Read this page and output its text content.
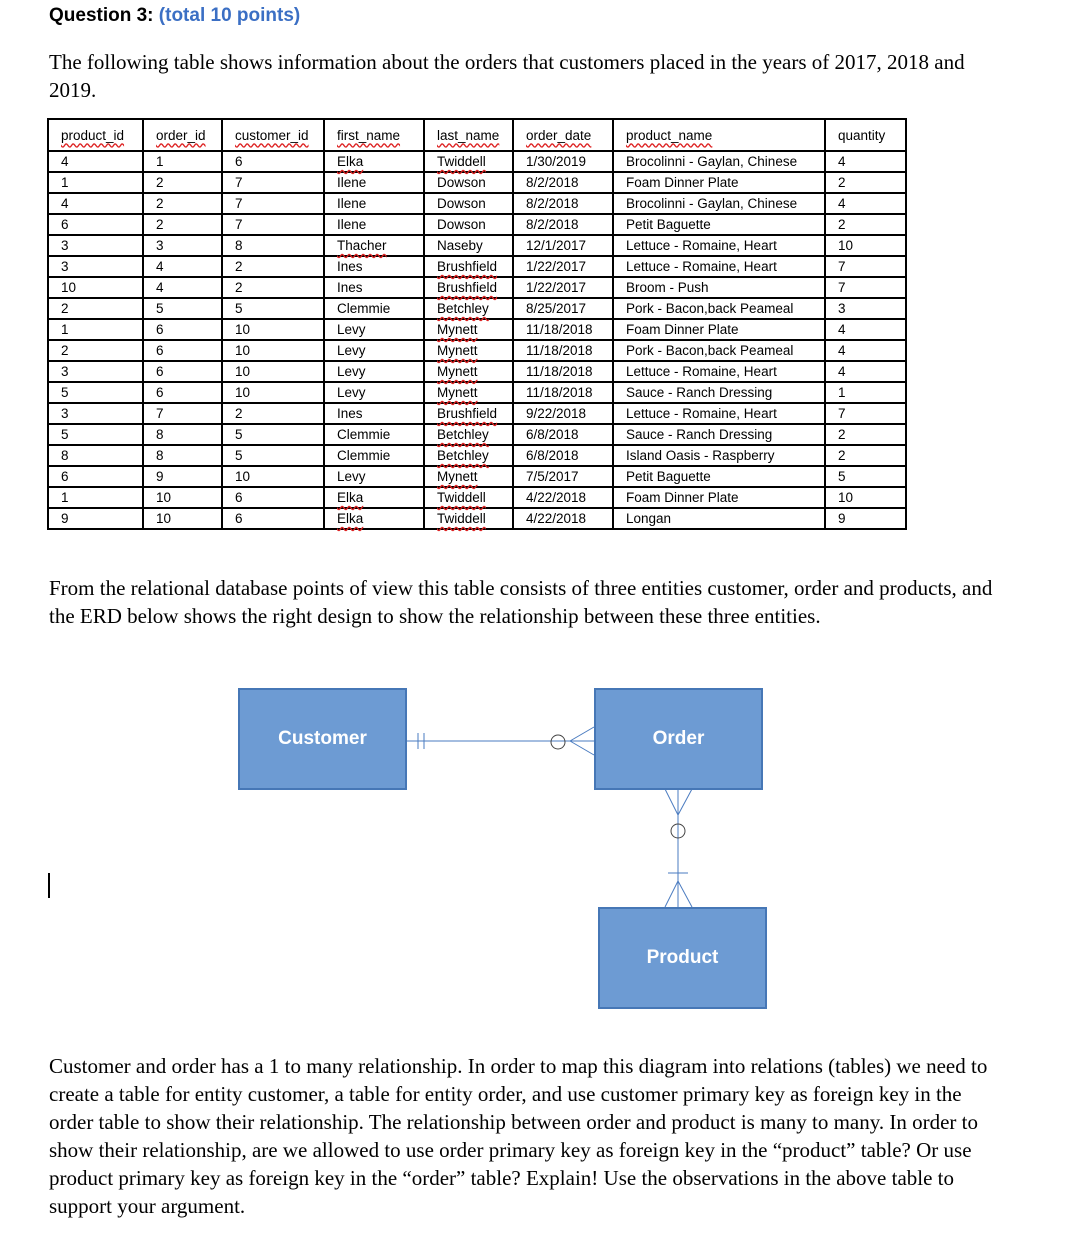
Question 3: (total 10 points)
The following table shows information about the orders that customers placed in the years of 2017, 2018 and 2019.
product_id	order_id	customer_id	first_name	last_name	order_date	product_name	quantity
4	1	6	Elka	Twiddell	1/30/2019	Brocolinni - Gaylan, Chinese	4
1	2	7	Ilene	Dowson	8/2/2018	Foam Dinner Plate	2
4	2	7	Ilene	Dowson	8/2/2018	Brocolinni - Gaylan, Chinese	4
6	2	7	Ilene	Dowson	8/2/2018	Petit Baguette	2
3	3	8	Thacher	Naseby	12/1/2017	Lettuce - Romaine, Heart	10
3	4	2	Ines	Brushfield	1/22/2017	Lettuce - Romaine, Heart	7
10	4	2	Ines	Brushfield	1/22/2017	Broom - Push	7
2	5	5	Clemmie	Betchley	8/25/2017	Pork - Bacon,back Peameal	3
1	6	10	Levy	Mynett	11/18/2018	Foam Dinner Plate	4
2	6	10	Levy	Mynett	11/18/2018	Pork - Bacon,back Peameal	4
3	6	10	Levy	Mynett	11/18/2018	Lettuce - Romaine, Heart	4
5	6	10	Levy	Mynett	11/18/2018	Sauce - Ranch Dressing	1
3	7	2	Ines	Brushfield	9/22/2018	Lettuce - Romaine, Heart	7
5	8	5	Clemmie	Betchley	6/8/2018	Sauce - Ranch Dressing	2
8	8	5	Clemmie	Betchley	6/8/2018	Island Oasis - Raspberry	2
6	9	10	Levy	Mynett	7/5/2017	Petit Baguette	5
1	10	6	Elka	Twiddell	4/22/2018	Foam Dinner Plate	10
9	10	6	Elka	Twiddell	4/22/2018	Longan	9
From the relational database points of view this table consists of three entities customer, order and products, and the ERD below shows the right design to show the relationship between these three entities.
Customer	Order
Product
Customer and order has a 1 to many relationship. In order to map this diagram into relations (tables) we need to create a table for entity customer, a table for entity order, and use customer primary key as foreign key in the order table to show their relationship. The relationship between order and product is many to many. In order to show their relationship, are we allowed to use order primary key as foreign key in the “product” table? Or use product primary key as foreign key in the “order” table? Explain! Use the observations in the above table to support your argument.
